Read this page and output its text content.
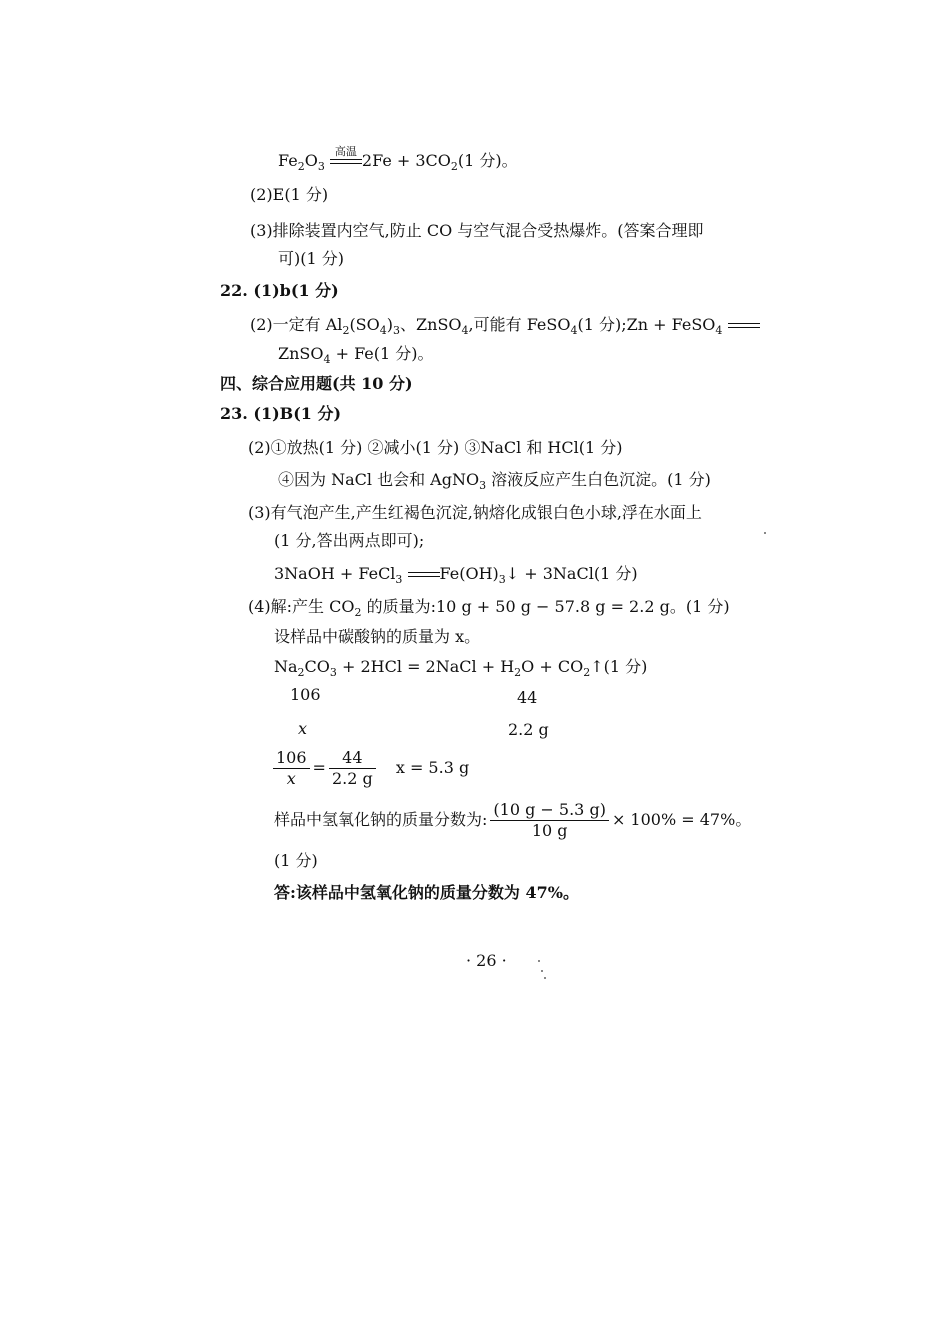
$Fe_2O_3$
高温 $2Fe + 3CO_2(1$ 分)。
(2)E(1 分)
(3)排除装置内空气,防止 CO 与空气混合受热爆炸。(答案合理即
可)(1 分)
22. (1)b(1 分)
(2)一定有 $Al_2(SO_4)_3$、ZnSO$_4$,可能有 FeSO$_4$(1 分);Zn + FeSO$_4$
ZnSO$_4$ + Fe(1 分)。
四、综合应用题(共 10 分)
23. (1)B(1 分)
(2)①放热(1 分) ②减小(1 分) ③NaCl 和 HCl(1 分)
④因为 NaCl 也会和 AgNO$_3$ 溶液反应产生白色沉淀。(1 分)
(3)有气泡产生,产生红褐色沉淀,钠熔化成银白色小球,浮在水面上
(1 分,答出两点即可);
3NaOH + FeCl$_3$ $Fe(OH)_3↓$ + 3NaCl(1 分)
(4)解:产生 $CO_2$ 的质量为:10 g + 50 g − 57.8 g = 2.2 g。(1 分)
设样品中碳酸钠的质量为 x。
$Na_2CO_3 + 2HCl$ = 2NaCl + $H_2O$ + $CO_2↑(1$ 分)
106	44
x	2.2 g
$\frac{106}{x} = \frac{44}{2.2 g}$ x = 5.3 g
样品中氢氧化钠的质量分数为: $\frac{(10 g - 5.3 g)}{10 g} \times 100\% = 47\%$。
(1 分)
答:该样品中氢氧化钠的质量分数为 47%。
· 26 ·
